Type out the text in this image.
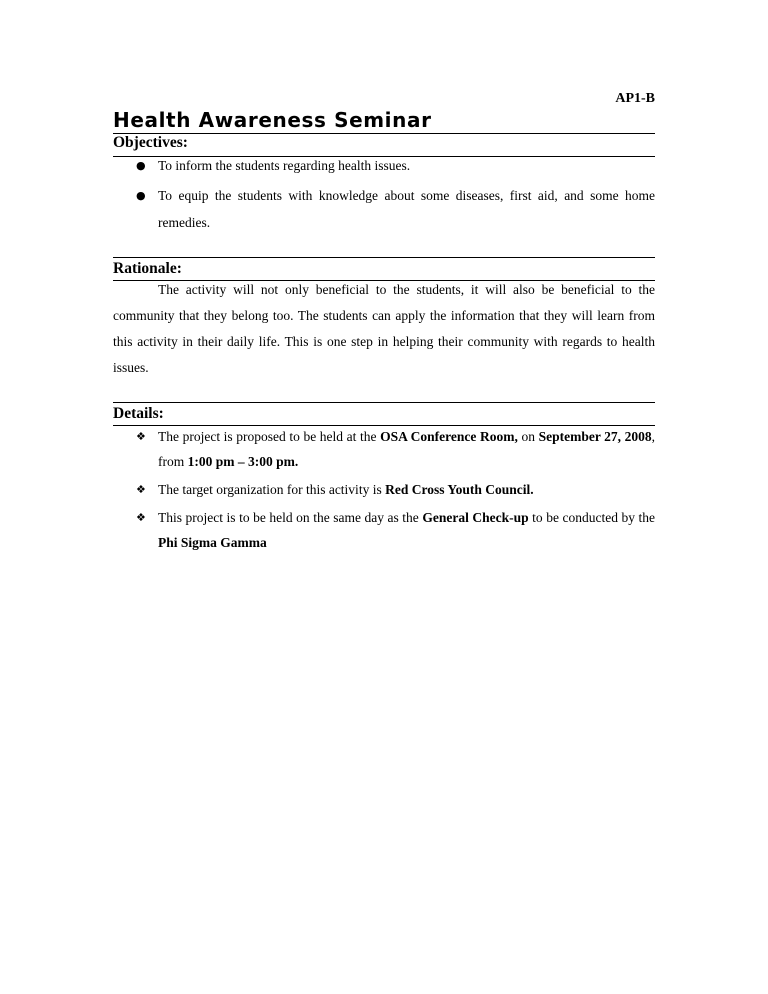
AP1-B
Health Awareness Seminar
Objectives:
● To inform the students regarding health issues.
● To equip the students with knowledge about some diseases, first aid, and some home remedies.
Rationale:

The activity will not only beneficial to the students, it will also be beneficial to the community that they belong too. The students can apply the information that they will learn from this activity in their daily life. This is one step in helping their community with regards to health issues.

Details:
❖ The project is proposed to be held at the OSA Conference Room, on September 27, 2008, from 1:00 pm – 3:00 pm.
❖ The target organization for this activity is Red Cross Youth Council.
❖ This project is to be held on the same day as the General Check-up to be conducted by the Phi Sigma Gamma
